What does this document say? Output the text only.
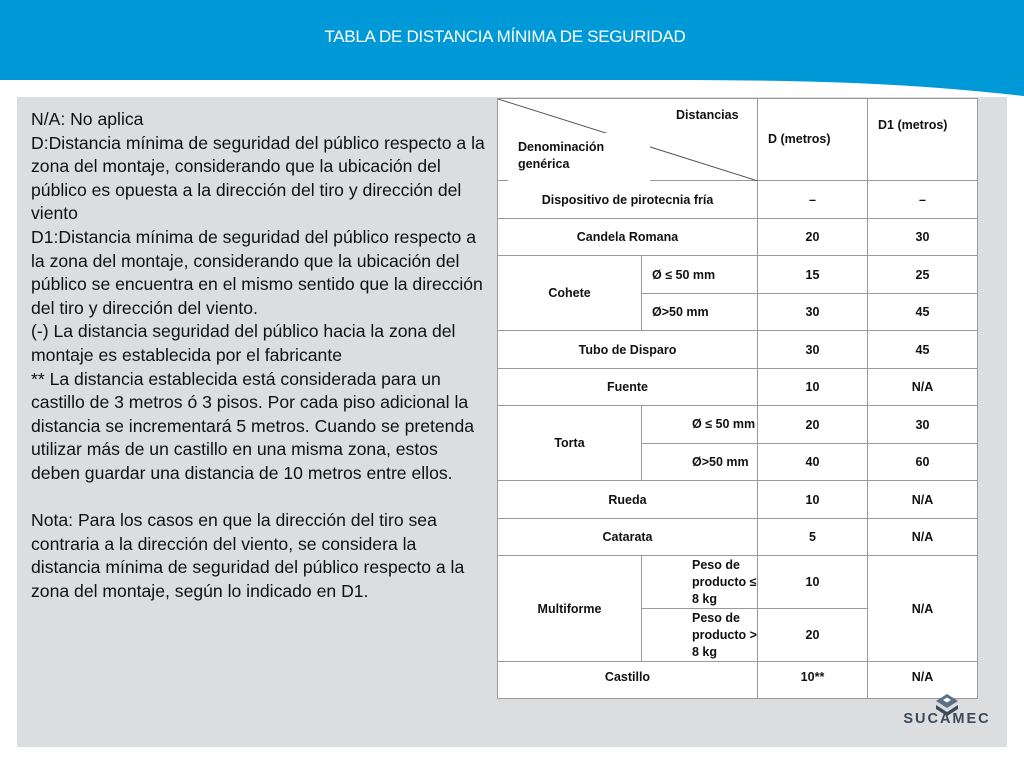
TABLA DE DISTANCIA MÍNIMA DE SEGURIDAD
N/A: No aplica
D:Distancia mínima de seguridad del público respecto a la zona del montaje, considerando que la ubicación del público es opuesta a la dirección del tiro y dirección del viento
D1:Distancia mínima de seguridad del público respecto a la zona del montaje, considerando que la ubicación del público se encuentra en el mismo sentido que la dirección del tiro y dirección del viento.
(-) La distancia seguridad del público hacia la zona del montaje es establecida por el fabricante
** La distancia establecida está considerada para un castillo de 3 metros ó 3 pisos. Por cada piso adicional la distancia se incrementará 5 metros. Cuando se pretenda utilizar más de un castillo en una misma zona, estos deben guardar una distancia de 10 metros entre ellos.

Nota: Para los casos en que la dirección del tiro sea contraria a la dirección del viento, se considera la distancia mínima de seguridad del público respecto a la zona del montaje, según lo indicado en D1.
Distancias
Denominación genérica		D (metros)	D1 (metros)
Dispositivo de pirotecnia fría		–	–
Candela Romana		20	30
Cohete	Ø ≤ 50 mm	15	25
	Ø>50 mm	30	45
Tubo de Disparo		30	45
Fuente		10	N/A
Torta	Ø ≤ 50 mm	20	30
	Ø>50 mm	40	60
Rueda		10	N/A
Catarata		5	N/A
Multiforme	Peso de producto ≤ 8 kg	10	N/A
	Peso de producto > 8 kg	20	
Castillo		10**	N/A
SUCAMEC
